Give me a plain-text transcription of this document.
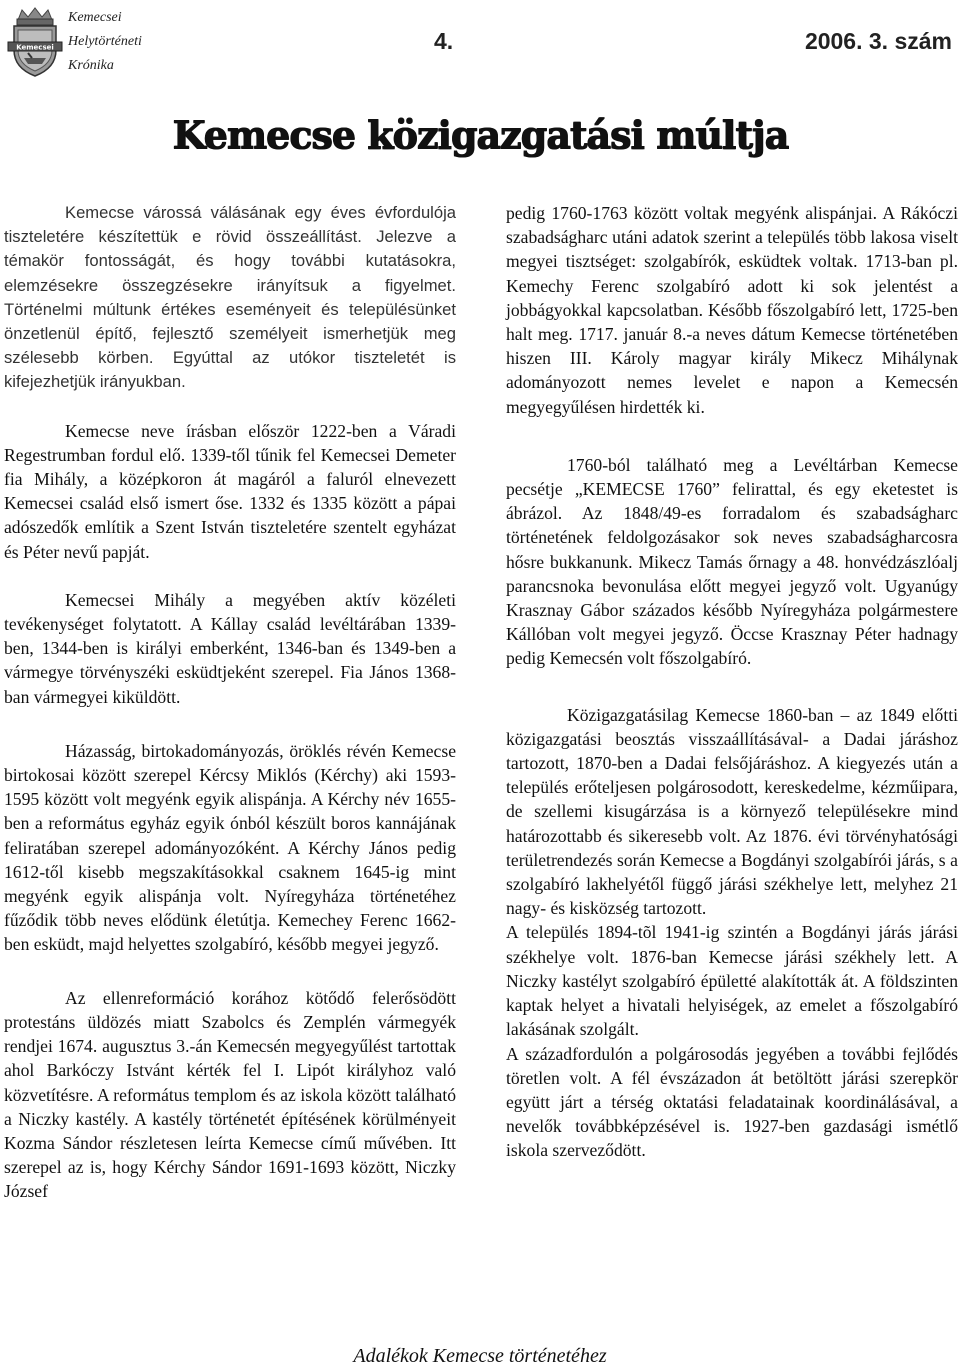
Kemecsei
Kemecsei
Helytörténeti
Krónika
4.	2006. 3. szám
Kemecse közigazgatási múltja

Kemecse várossá válásának egy éves évfordulója tiszteletére készítettük e rövid összeállítást. Jelezve a témakör fontosságát, és hogy további kutatásokra, elemzésekre összegzésekre irányítsuk a figyelmet. Történelmi múltunk értékes eseményeit és településünket önzetlenül építő, fejlesztő személyeit ismerhetjük meg szélesebb körben. Egyúttal az utókor tiszteletét is kifejezhetjük irányukban.

Kemecse neve írásban először 1222-ben a Váradi Regestrumban fordul elő. 1339-től tűnik fel Kemecsei Demeter fia Mihály, a középkoron át magáról a faluról elnevezett Kemecsei család első ismert őse. 1332 és 1335 között a pápai adószedők említik a Szent István tiszteletére szentelt egyházat és Péter nevű papját.

Kemecsei Mihály a megyében aktív közéleti tevékenységet folytatott. A Kállay család levéltárában 1339-ben, 1344-ben is királyi emberként, 1346-ban és 1349-ben a vármegye törvényszéki esküdtjeként szerepel. Fia János 1368-ban vármegyei kiküldött.

Házasság, birtokadományozás, öröklés révén Kemecse birtokosai között szerepel Kércsy Miklós (Kérchy) aki 1593-1595 között volt megyénk egyik alispánja. A Kérchy név 1655-ben a református egyház egyik ónból készült boros kannájának feliratában szerepel adományozóként. A Kérchy János pedig 1612-től kisebb megszakításokkal csaknem 1645-ig mint megyénk egyik alispánja volt. Nyíregyháza történetéhez fűződik több neves elődünk életútja. Kemechey Ferenc 1662-ben esküdt, majd helyettes szolgabíró, később megyei jegyző.

Az ellenreformáció korához kötődő felerősödött protestáns üldözés miatt Szabolcs és Zemplén vármegyék rendjei 1674. augusztus 3.-án Kemecsén megyegyűlést tartottak ahol Barkóczy Istvánt kérték fel I. Lipót királyhoz való közvetítésre. A református templom és az iskola között található a Niczky kastély. A kastély történetét építésének körülményeit Kozma Sándor részletesen leírta Kemecse című művében. Itt szerepel az is, hogy Kérchy Sándor 1691-1693 között, Niczky József

pedig 1760-1763 között voltak megyénk alispánjai. A Rákóczi szabadságharc utáni adatok szerint a település több lakosa viselt megyei tisztséget: szolgabírók, esküdtek voltak. 1713-ban pl. Kemechy Ferenc szolgabíró adott ki sok jelentést a jobbágyokkal kapcsolatban. Később főszolgabíró lett, 1725-ben halt meg. 1717. január 8.-a neves dátum Kemecse történetében hiszen III. Károly magyar király Mikecz Mihálynak adományozott nemes levelet e napon a Kemecsén megyegyűlésen hirdették ki.

1760-ból található meg a Levéltárban Kemecse pecsétje „KEMECSE 1760” felirattal, és egy eketestet is ábrázol. Az 1848/49-es forradalom és szabadságharc történetének feldolgozásakor sok neves szabadságharcosra hősre bukkanunk. Mikecz Tamás őrnagy a 48. honvédzászlóalj parancsnoka bevonulása előtt megyei jegyző volt. Ugyanúgy Krasznay Gábor százados később Nyíregyháza polgármestere Kállóban volt megyei jegyző. Öccse Krasznay Péter hadnagy pedig Kemecsén volt főszolgabíró.

Közigazgatásilag Kemecse 1860-ban – az 1849 előtti közigazgatási beosztás visszaállításával- a Dadai járáshoz tartozott, 1870-ben a Dadai felsőjáráshoz. A kiegyezés után a település erőteljesen polgárosodott, kereskedelme, kézműipara, de szellemi kisugárzása is a környező településekre mind határozottabb és sikeresebb volt. Az 1876. évi törvényhatósági területrendezés során Kemecse a Bogdányi szolgabírói járás, s a szolgabíró lakhelyétől függő járási székhelye lett, melyhez 21 nagy- és kisközség tartozott.

A település 1894-tõl 1941-ig szintén a Bogdányi járás járási székhelye volt. 1876-ban Kemecse járási székhely lett. A Niczky kastélyt szolgabíró épületté alakították át. A földszinten kaptak helyet a hivatali helyiségek, az emelet a főszolgabíró lakásának szolgált.

A századfordulón a polgárosodás jegyében a további fejlődés töretlen volt. A fél évszázadon át betöltött járási szerepkör együtt járt a térség oktatási feladatainak koordinálásával, a nevelők továbbképzésével is. 1927-ben gazdasági ismétlő iskola szerveződött.

Adalékok Kemecse történetéhez
